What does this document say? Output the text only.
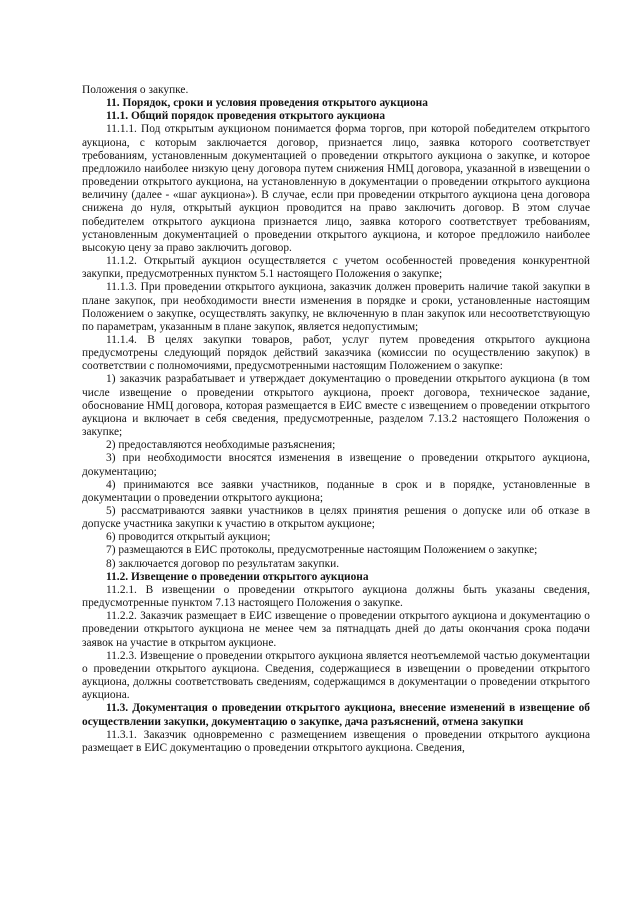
Положения о закупке.

11. Порядок, сроки и условия проведения открытого аукциона

11.1. Общий порядок проведения открытого аукциона

11.1.1. Под открытым аукционом понимается форма торгов, при которой победителем открытого аукциона, с которым заключается договор, признается лицо, заявка которого соответствует требованиям, установленным документацией о проведении открытого аукциона о закупке, и которое предложило наиболее низкую цену договора путем снижения НМЦ договора, указанной в извещении о проведении открытого аукциона, на установленную в документации о проведении открытого аукциона величину (далее - «шаг аукциона»). В случае, если при проведении открытого аукциона цена договора снижена до нуля, открытый аукцион проводится на право заключить договор. В этом случае победителем открытого аукциона признается лицо, заявка которого соответствует требованиям, установленным документацией о проведении открытого аукциона, и которое предложило наиболее высокую цену за право заключить договор.

11.1.2. Открытый аукцион осуществляется с учетом особенностей проведения конкурентной закупки, предусмотренных пунктом 5.1 настоящего Положения о закупке;

11.1.3. При проведении открытого аукциона, заказчик должен проверить наличие такой закупки в плане закупок, при необходимости внести изменения в порядке и сроки, установленные настоящим Положением о закупке, осуществлять закупку, не включенную в план закупок или несоответствующую по параметрам, указанным в плане закупок, является недопустимым;

11.1.4. В целях закупки товаров, работ, услуг путем проведения открытого аукциона предусмотрены следующий порядок действий заказчика (комиссии по осуществлению закупок) в соответствии с полномочиями, предусмотренными настоящим Положением о закупке:

1) заказчик разрабатывает и утверждает документацию о проведении открытого аукциона (в том числе извещение о проведении открытого аукциона, проект договора, техническое задание, обоснование НМЦ договора, которая размещается в ЕИС вместе с извещением о проведении открытого аукциона и включает в себя сведения, предусмотренные, разделом 7.13.2 настоящего Положения о закупке;

2) предоставляются необходимые разъяснения;

3) при необходимости вносятся изменения в извещение о проведении открытого аукциона, документацию;

4) принимаются все заявки участников, поданные в срок и в порядке, установленные в документации о проведении открытого аукциона;

5) рассматриваются заявки участников в целях принятия решения о допуске или об отказе в допуске участника закупки к участию в открытом аукционе;

6) проводится открытый аукцион;

7) размещаются в ЕИС протоколы, предусмотренные настоящим Положением о закупке;

8) заключается договор по результатам закупки.

11.2. Извещение о проведении открытого аукциона

11.2.1. В извещении о проведении открытого аукциона должны быть указаны сведения, предусмотренные пунктом 7.13 настоящего Положения о закупке.

11.2.2. Заказчик размещает в ЕИС извещение о проведении открытого аукциона и документацию о проведении открытого аукциона не менее чем за пятнадцать дней до даты окончания срока подачи заявок на участие в открытом аукционе.

11.2.3. Извещение о проведении открытого аукциона является неотъемлемой частью документации о проведении открытого аукциона. Сведения, содержащиеся в извещении о проведении открытого аукциона, должны соответствовать сведениям, содержащимся в документации о проведении открытого аукциона.

11.3. Документация о проведении открытого аукциона, внесение изменений в извещение об осуществлении закупки, документацию о закупке, дача разъяснений, отмена закупки

11.3.1. Заказчик одновременно с размещением извещения о проведении открытого аукциона размещает в ЕИС документацию о проведении открытого аукциона. Сведения,
